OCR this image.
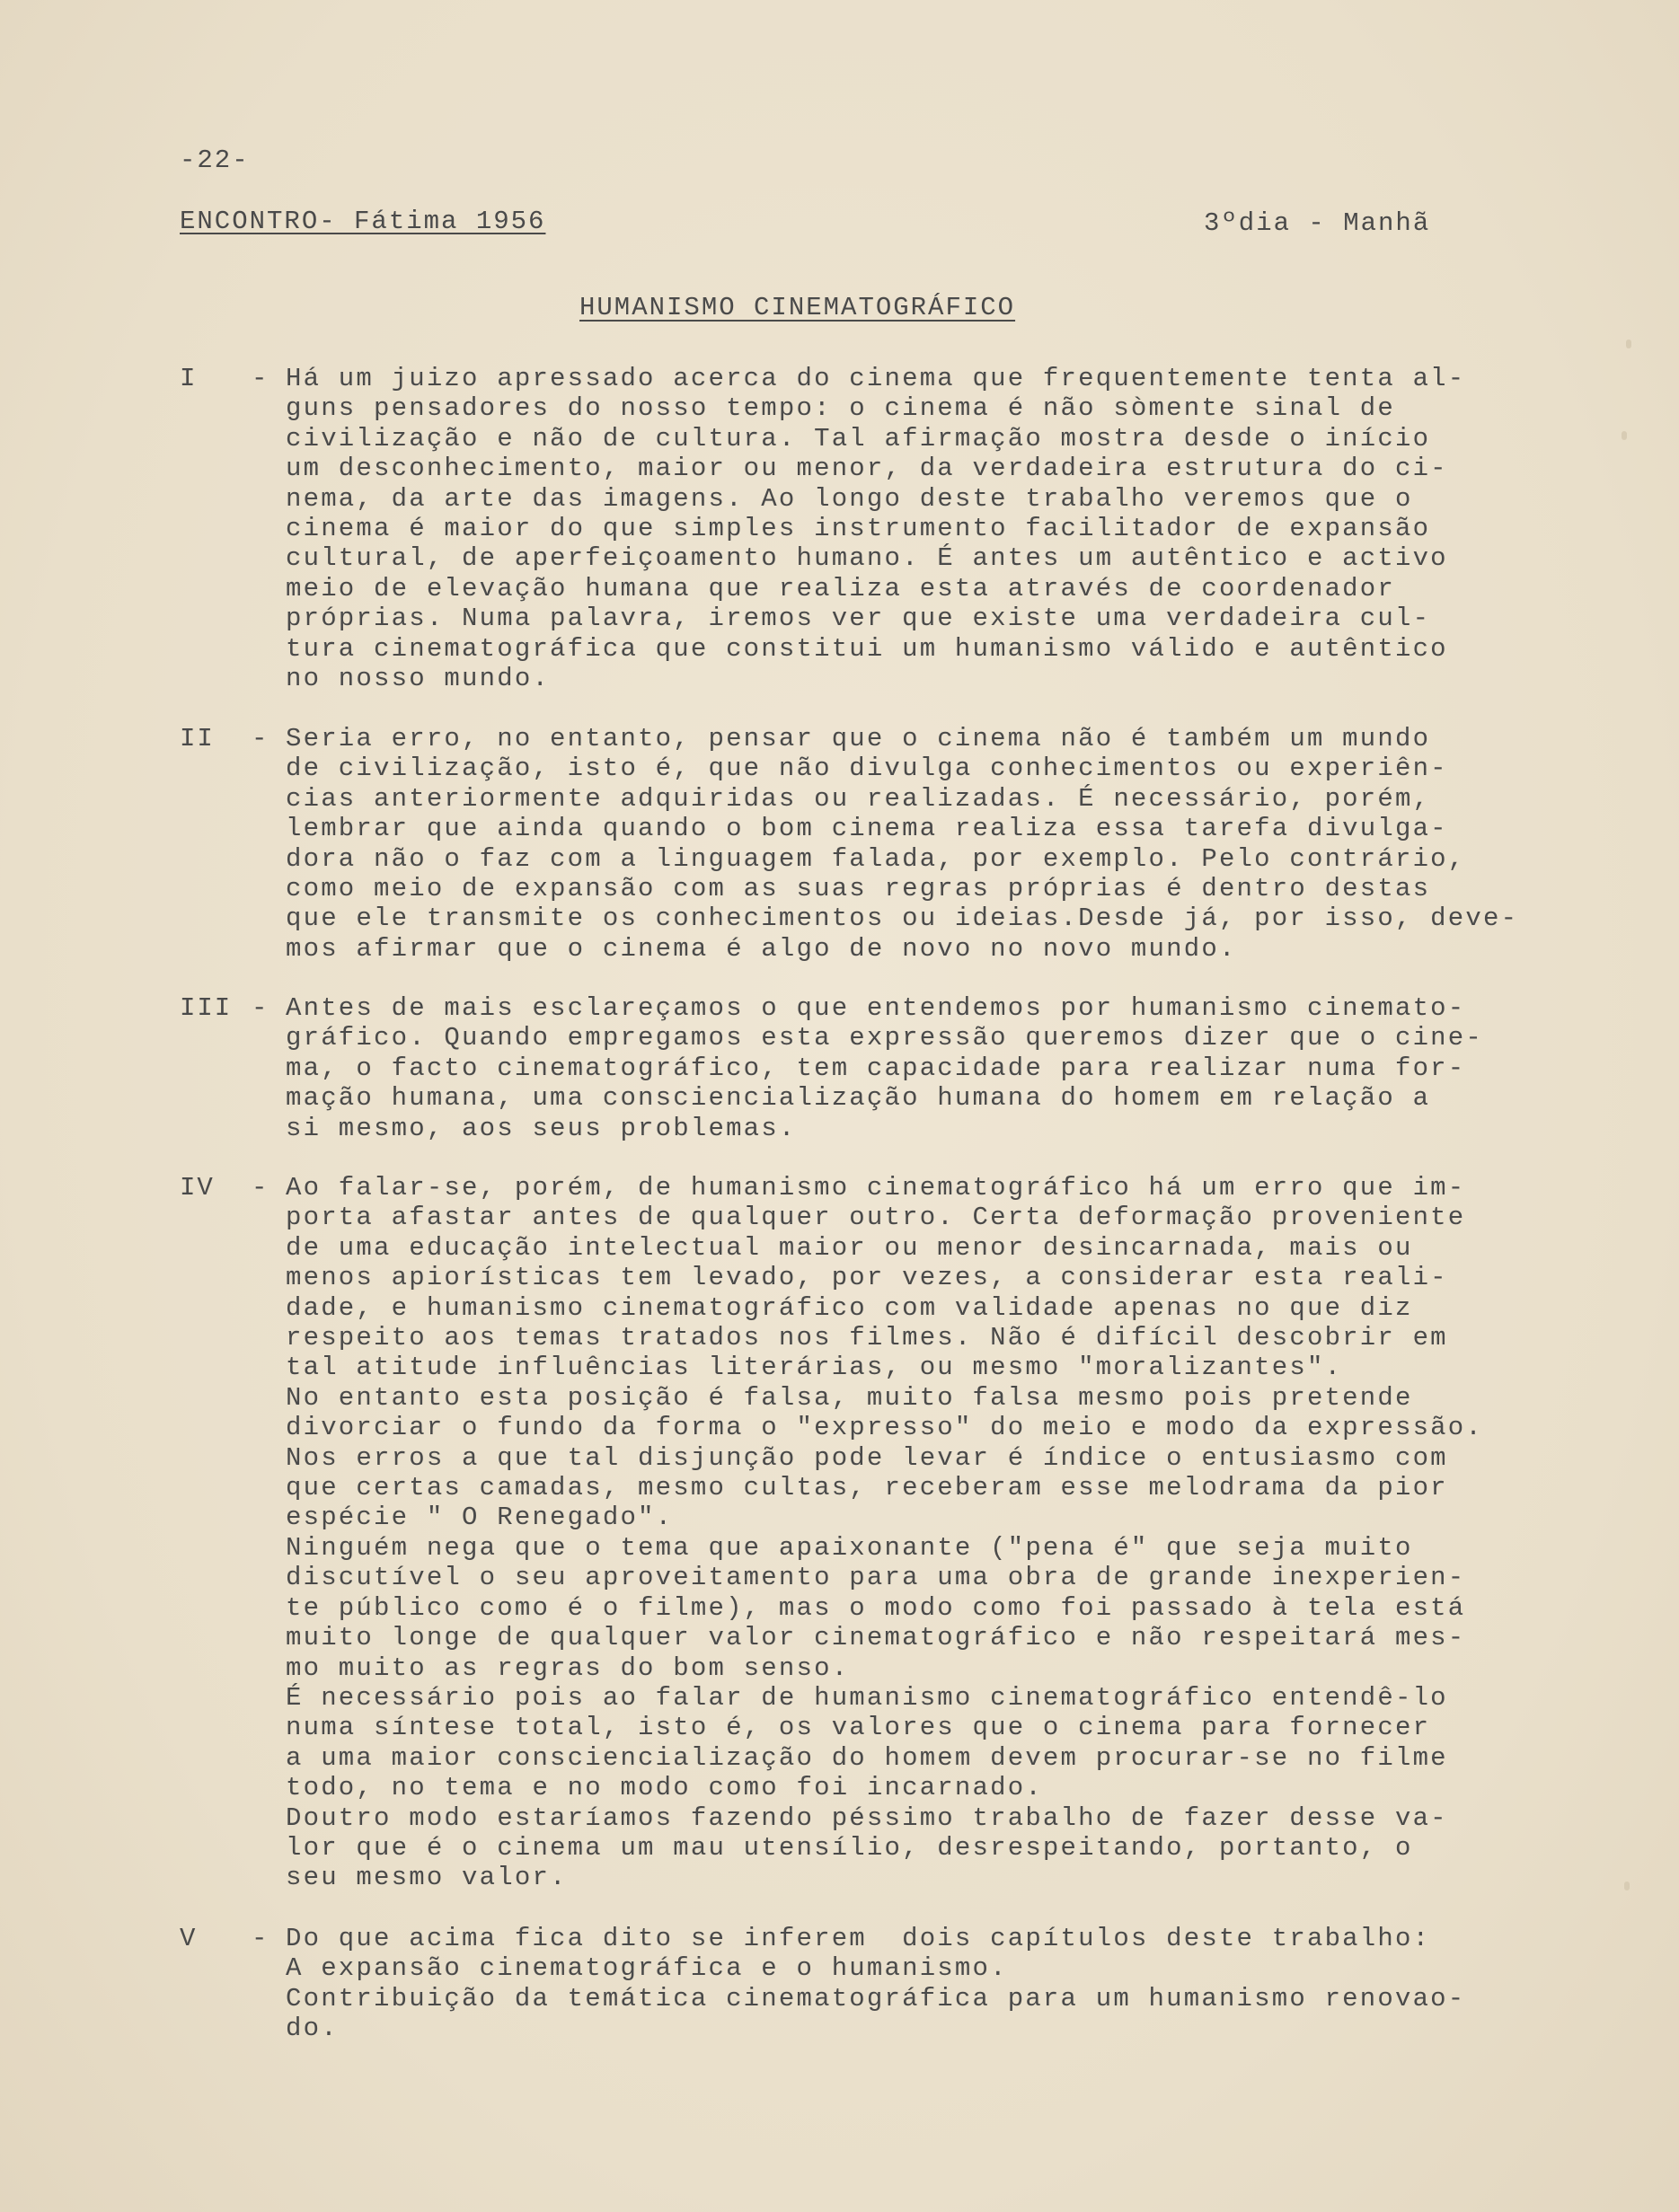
-22-
ENCONTRO- Fátima 1956	3ºdia - Manhã
HUMANISMO CINEMATOGRÁFICO
I - Há um juizo apressado acerca do cinema que frequentemente tenta al-
guns pensadores do nosso tempo: o cinema é não sòmente sinal de
civilização e não de cultura. Tal afirmação mostra desde o início
um desconhecimento, maior ou menor, da verdadeira estrutura do ci-
nema, da arte das imagens. Ao longo deste trabalho veremos que o
cinema é maior do que simples instrumento facilitador de expansão
cultural, de aperfeiçoamento humano. É antes um autêntico e activo
meio de elevação humana que realiza esta através de coordenador
próprias. Numa palavra, iremos ver que existe uma verdadeira cul-
tura cinematográfica que constitui um humanismo válido e autêntico
no nosso mundo.
II - Seria erro, no entanto, pensar que o cinema não é também um mundo
de civilização, isto é, que não divulga conhecimentos ou experiên-
cias anteriormente adquiridas ou realizadas. É necessário, porém,
lembrar que ainda quando o bom cinema realiza essa tarefa divulga-
dora não o faz com a linguagem falada, por exemplo. Pelo contrário,
como meio de expansão com as suas regras próprias é dentro destas
que ele transmite os conhecimentos ou ideias.Desde já, por isso, deve-
mos afirmar que o cinema é algo de novo no novo mundo.
III - Antes de mais esclareçamos o que entendemos por humanismo cinemato-
gráfico. Quando empregamos esta expressão queremos dizer que o cine-
ma, o facto cinematográfico, tem capacidade para realizar numa for-
mação humana, uma consciencialização humana do homem em relação a
si mesmo, aos seus problemas.
IV - Ao falar-se, porém, de humanismo cinematográfico há um erro que im-
porta afastar antes de qualquer outro. Certa deformação proveniente
de uma educação intelectual maior ou menor desincarnada, mais ou
menos apiorísticas tem levado, por vezes, a considerar esta reali-
dade, e humanismo cinematográfico com validade apenas no que diz
respeito aos temas tratados nos filmes. Não é difícil descobrir em
tal atitude influências literárias, ou mesmo "moralizantes".
No entanto esta posição é falsa, muito falsa mesmo pois pretende
divorciar o fundo da forma o "expresso" do meio e modo da expressão.
Nos erros a que tal disjunção pode levar é índice o entusiasmo com
que certas camadas, mesmo cultas, receberam esse melodrama da pior
espécie " O Renegado".
Ninguém nega que o tema que apaixonante ("pena é" que seja muito
discutível o seu aproveitamento para uma obra de grande inexperien-
te público como é o filme), mas o modo como foi passado à tela está
muito longe de qualquer valor cinematográfico e não respeitará mes-
mo muito as regras do bom senso.
É necessário pois ao falar de humanismo cinematográfico entendê-lo
numa síntese total, isto é, os valores que o cinema para fornecer
a uma maior consciencialização do homem devem procurar-se no filme
todo, no tema e no modo como foi incarnado.
Doutro modo estaríamos fazendo péssimo trabalho de fazer desse va-
lor que é o cinema um mau utensílio, desrespeitando, portanto, o
seu mesmo valor.
V - Do que acima fica dito se inferem  dois capítulos deste trabalho:
A expansão cinematográfica e o humanismo.
Contribuição da temática cinematográfica para um humanismo renovao-
do.
